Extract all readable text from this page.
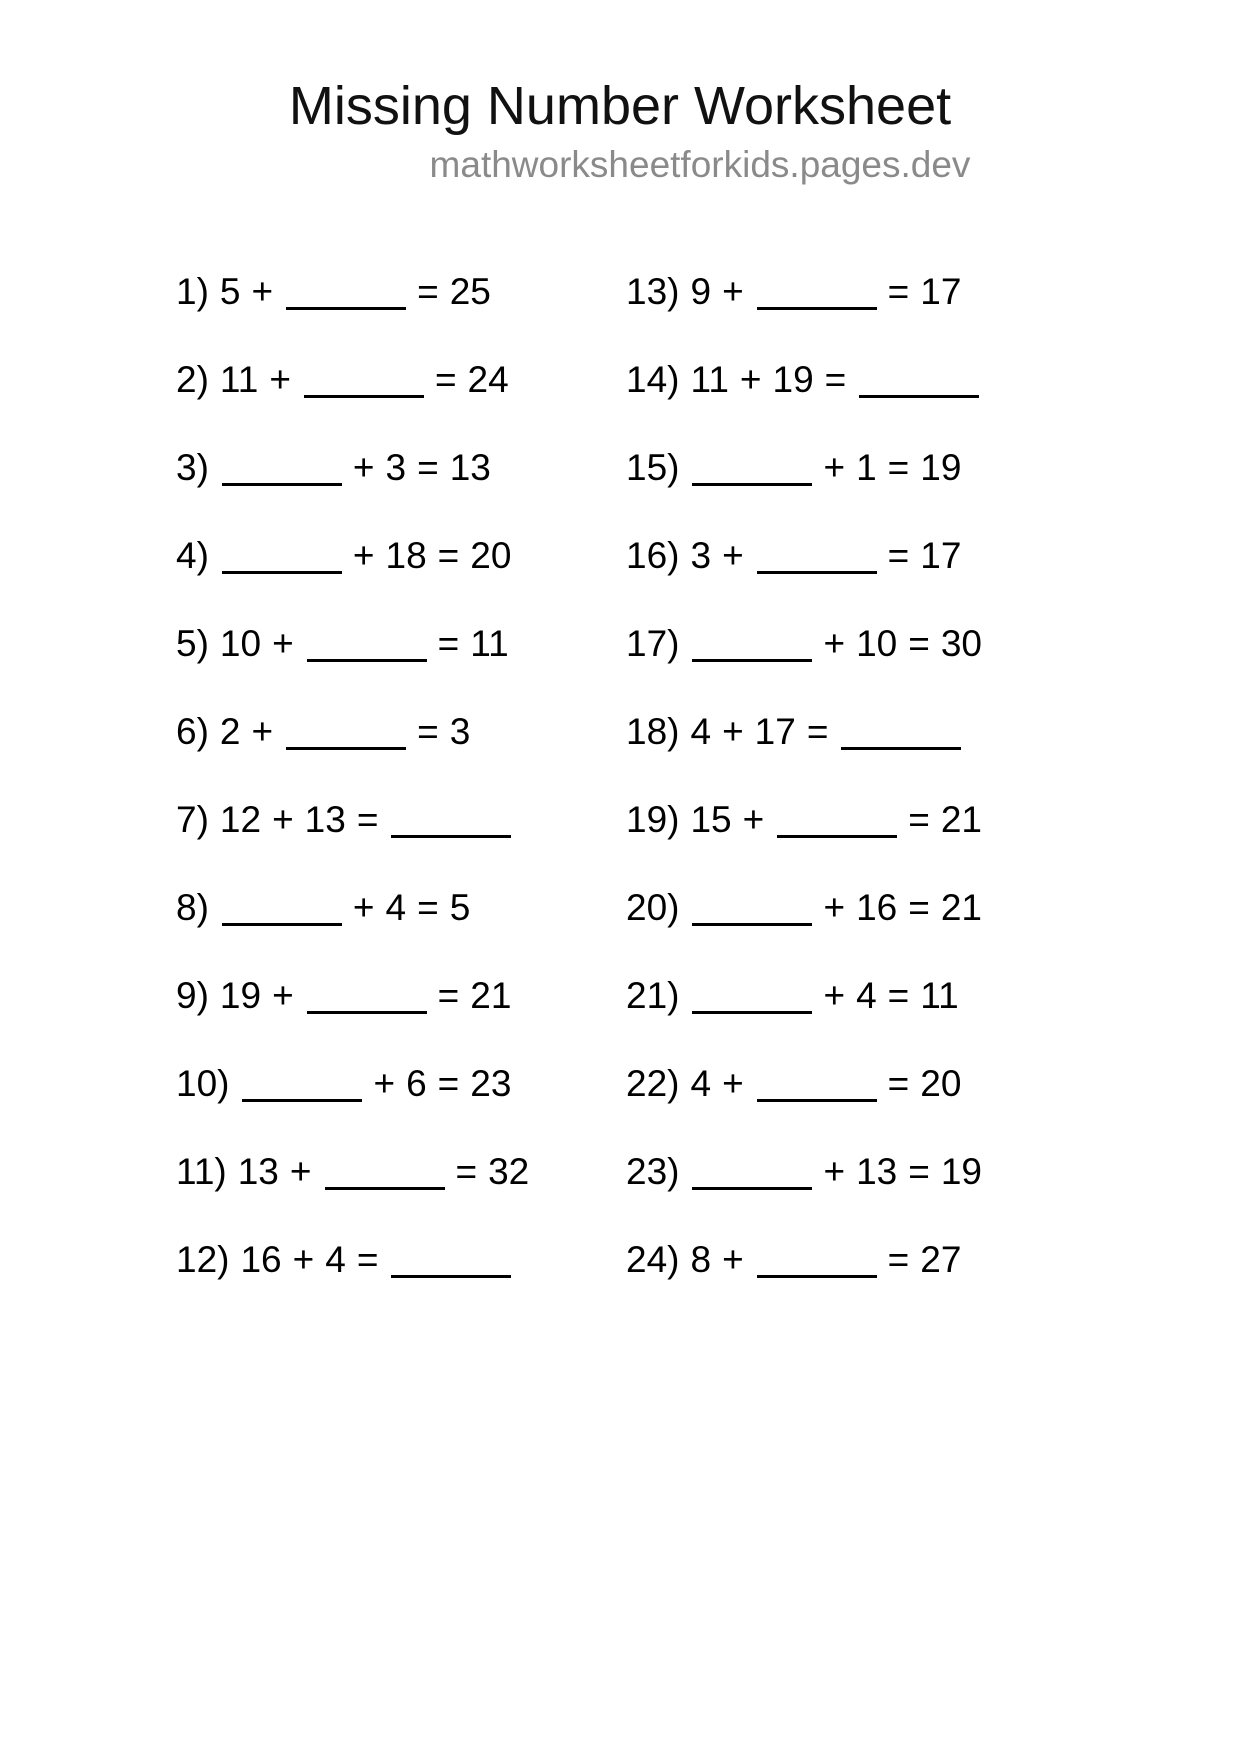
Missing Number Worksheet
mathworksheetforkids.pages.dev
1) 5 +	= 25
2) 11 +	= 24
3)	+ 3 = 13
4)	+ 18 = 20
5) 10 +	= 11
6) 2 +	= 3
7) 12 + 13 =
8)	+ 4 = 5
9) 19 +	= 21
10)	+ 6 = 23
11) 13 +	= 32
12) 16 + 4 =
13) 9 +	= 17
14) 11 + 19 =
15)	+ 1 = 19
16) 3 +	= 17
17)	+ 10 = 30
18) 4 + 17 =
19) 15 +	= 21
20)	+ 16 = 21
21)	+ 4 = 11
22) 4 +	= 20
23)	+ 13 = 19
24) 8 +	= 27
